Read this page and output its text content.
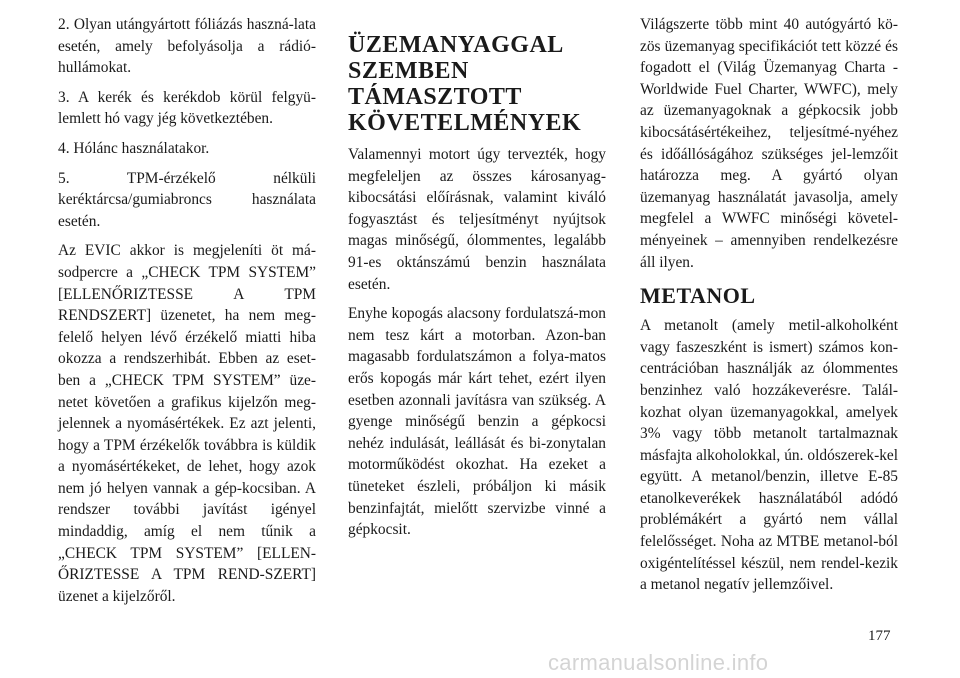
2. Olyan utángyártott fóliázás haszná-lata esetén, amely befolyásolja a rádió-hullámokat.

3. A kerék és kerékdob körül felgyü-lemlett hó vagy jég következtében.

4. Hólánc használatakor.

5. TPM-érzékelő nélküli keréktárcsa/gumiabroncs használata esetén.

Az EVIC akkor is megjeleníti öt má-sodpercre a „CHECK TPM SYSTEM” [ELLENŐRIZTESSE A TPM RENDSZERT] üzenetet, ha nem meg-felelő helyen lévő érzékelő miatti hiba okozza a rendszerhibát. Ebben az eset-ben a „CHECK TPM SYSTEM” üze-netet követően a grafikus kijelzőn meg-jelennek a nyomásértékek. Ez azt jelenti, hogy a TPM érzékelők továbbra is küldik a nyomásértékeket, de lehet, hogy azok nem jó helyen vannak a gép-kocsiban. A rendszer további javítást igényel mindaddig, amíg el nem tűnik a „CHECK TPM SYSTEM” [ELLEN-ŐRIZTESSE A TPM REND-SZERT] üzenet a kijelzőről.

ÜZEMANYAGGAL
SZEMBEN
TÁMASZTOTT
KÖVETELMÉNYEK

Valamennyi motort úgy tervezték, hogy megfeleljen az összes károsanyag-kibocsátási előírásnak, valamint kiváló fogyasztást és teljesítményt nyújtsok magas minőségű, ólommentes, legalább 91-es oktánszámú benzin használata esetén.

Enyhe kopogás alacsony fordulatszá-mon nem tesz kárt a motorban. Azon-ban magasabb fordulatszámon a folya-matos erős kopogás már kárt tehet, ezért ilyen esetben azonnali javításra van szükség. A gyenge minőségű benzin a gépkocsi nehéz indulását, leállását és bi-zonytalan motorműködést okozhat. Ha ezeket a tüneteket észleli, próbáljon ki másik benzinfajtát, mielőtt szervizbe vinné a gépkocsit.

Világszerte több mint 40 autógyártó kö-zös üzemanyag specifikációt tett közzé és fogadott el (Világ Üzemanyag Charta - Worldwide Fuel Charter, WWFC), mely az üzemanyagoknak a gépkocsik jobb kibocsátásértékeihez, teljesítmé-nyéhez és időállóságához szükséges jel-lemzőit határozza meg. A gyártó olyan üzemanyag használatát javasolja, amely megfelel a WWFC minőségi követel-ményeinek – amennyiben rendelkezésre áll ilyen.

METANOL

A metanolt (amely metil-alkoholként vagy faszeszként is ismert) számos kon-centrációban használják az ólommentes benzinhez való hozzákeverésre. Talál-kozhat olyan üzemanyagokkal, amelyek 3% vagy több metanolt tartalmaznak másfajta alkoholokkal, ún. oldószerek-kel együtt. A metanol/benzin, illetve E-85 etanolkeverékek használatából adódó problémákért a gyártó nem vállal felelősséget. Noha az MTBE metanol-ból oxigéntelítéssel készül, nem rendel-kezik a metanol negatív jellemzőivel.

177
carmanualsonline.info
